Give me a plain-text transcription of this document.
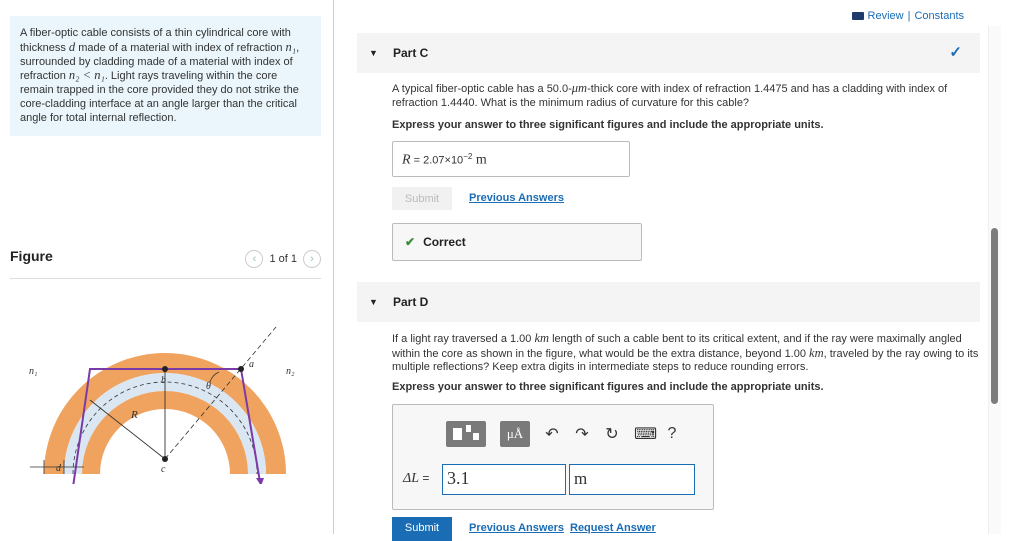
A fiber-optic cable consists of a thin cylindrical core with thickness d made of a material with index of refraction n₁, surrounded by cladding made of a material with index of refraction n₂ < n₁. Light rays traveling within the core remain trapped in the core provided they do not strike the core-cladding interface at an angle larger than the critical angle for total internal reflection.
Figure	‹ 1 of 1 ›
n₁	n₂
a
b
θ
R
c
d
Review | Constants
▼ Part C	✓
A typical fiber-optic cable has a 50.0-μm-thick core with index of refraction 1.4475 and has a cladding with index of refraction 1.4440. What is the minimum radius of curvature for this cable?
Express your answer to three significant figures and include the appropriate units.
$R = 2.07\times 10^{-2}$ m
Submit	Previous Answers
✔ Correct
▼ Part D
If a light ray traversed a 1.00 km length of such a cable bent to its critical extent, and if the ray were maximally angled within the core as shown in the figure, what would be the extra distance, beyond 1.00 km, traveled by the ray owing to its multiple reflections? Keep extra digits in intermediate steps to reduce rounding errors.
Express your answer to three significant figures and include the appropriate units.
μÅ	↶ ↷ ↻ ⌨ ?
ΔL = 3.1	m
Submit	Previous Answers Request Answer
